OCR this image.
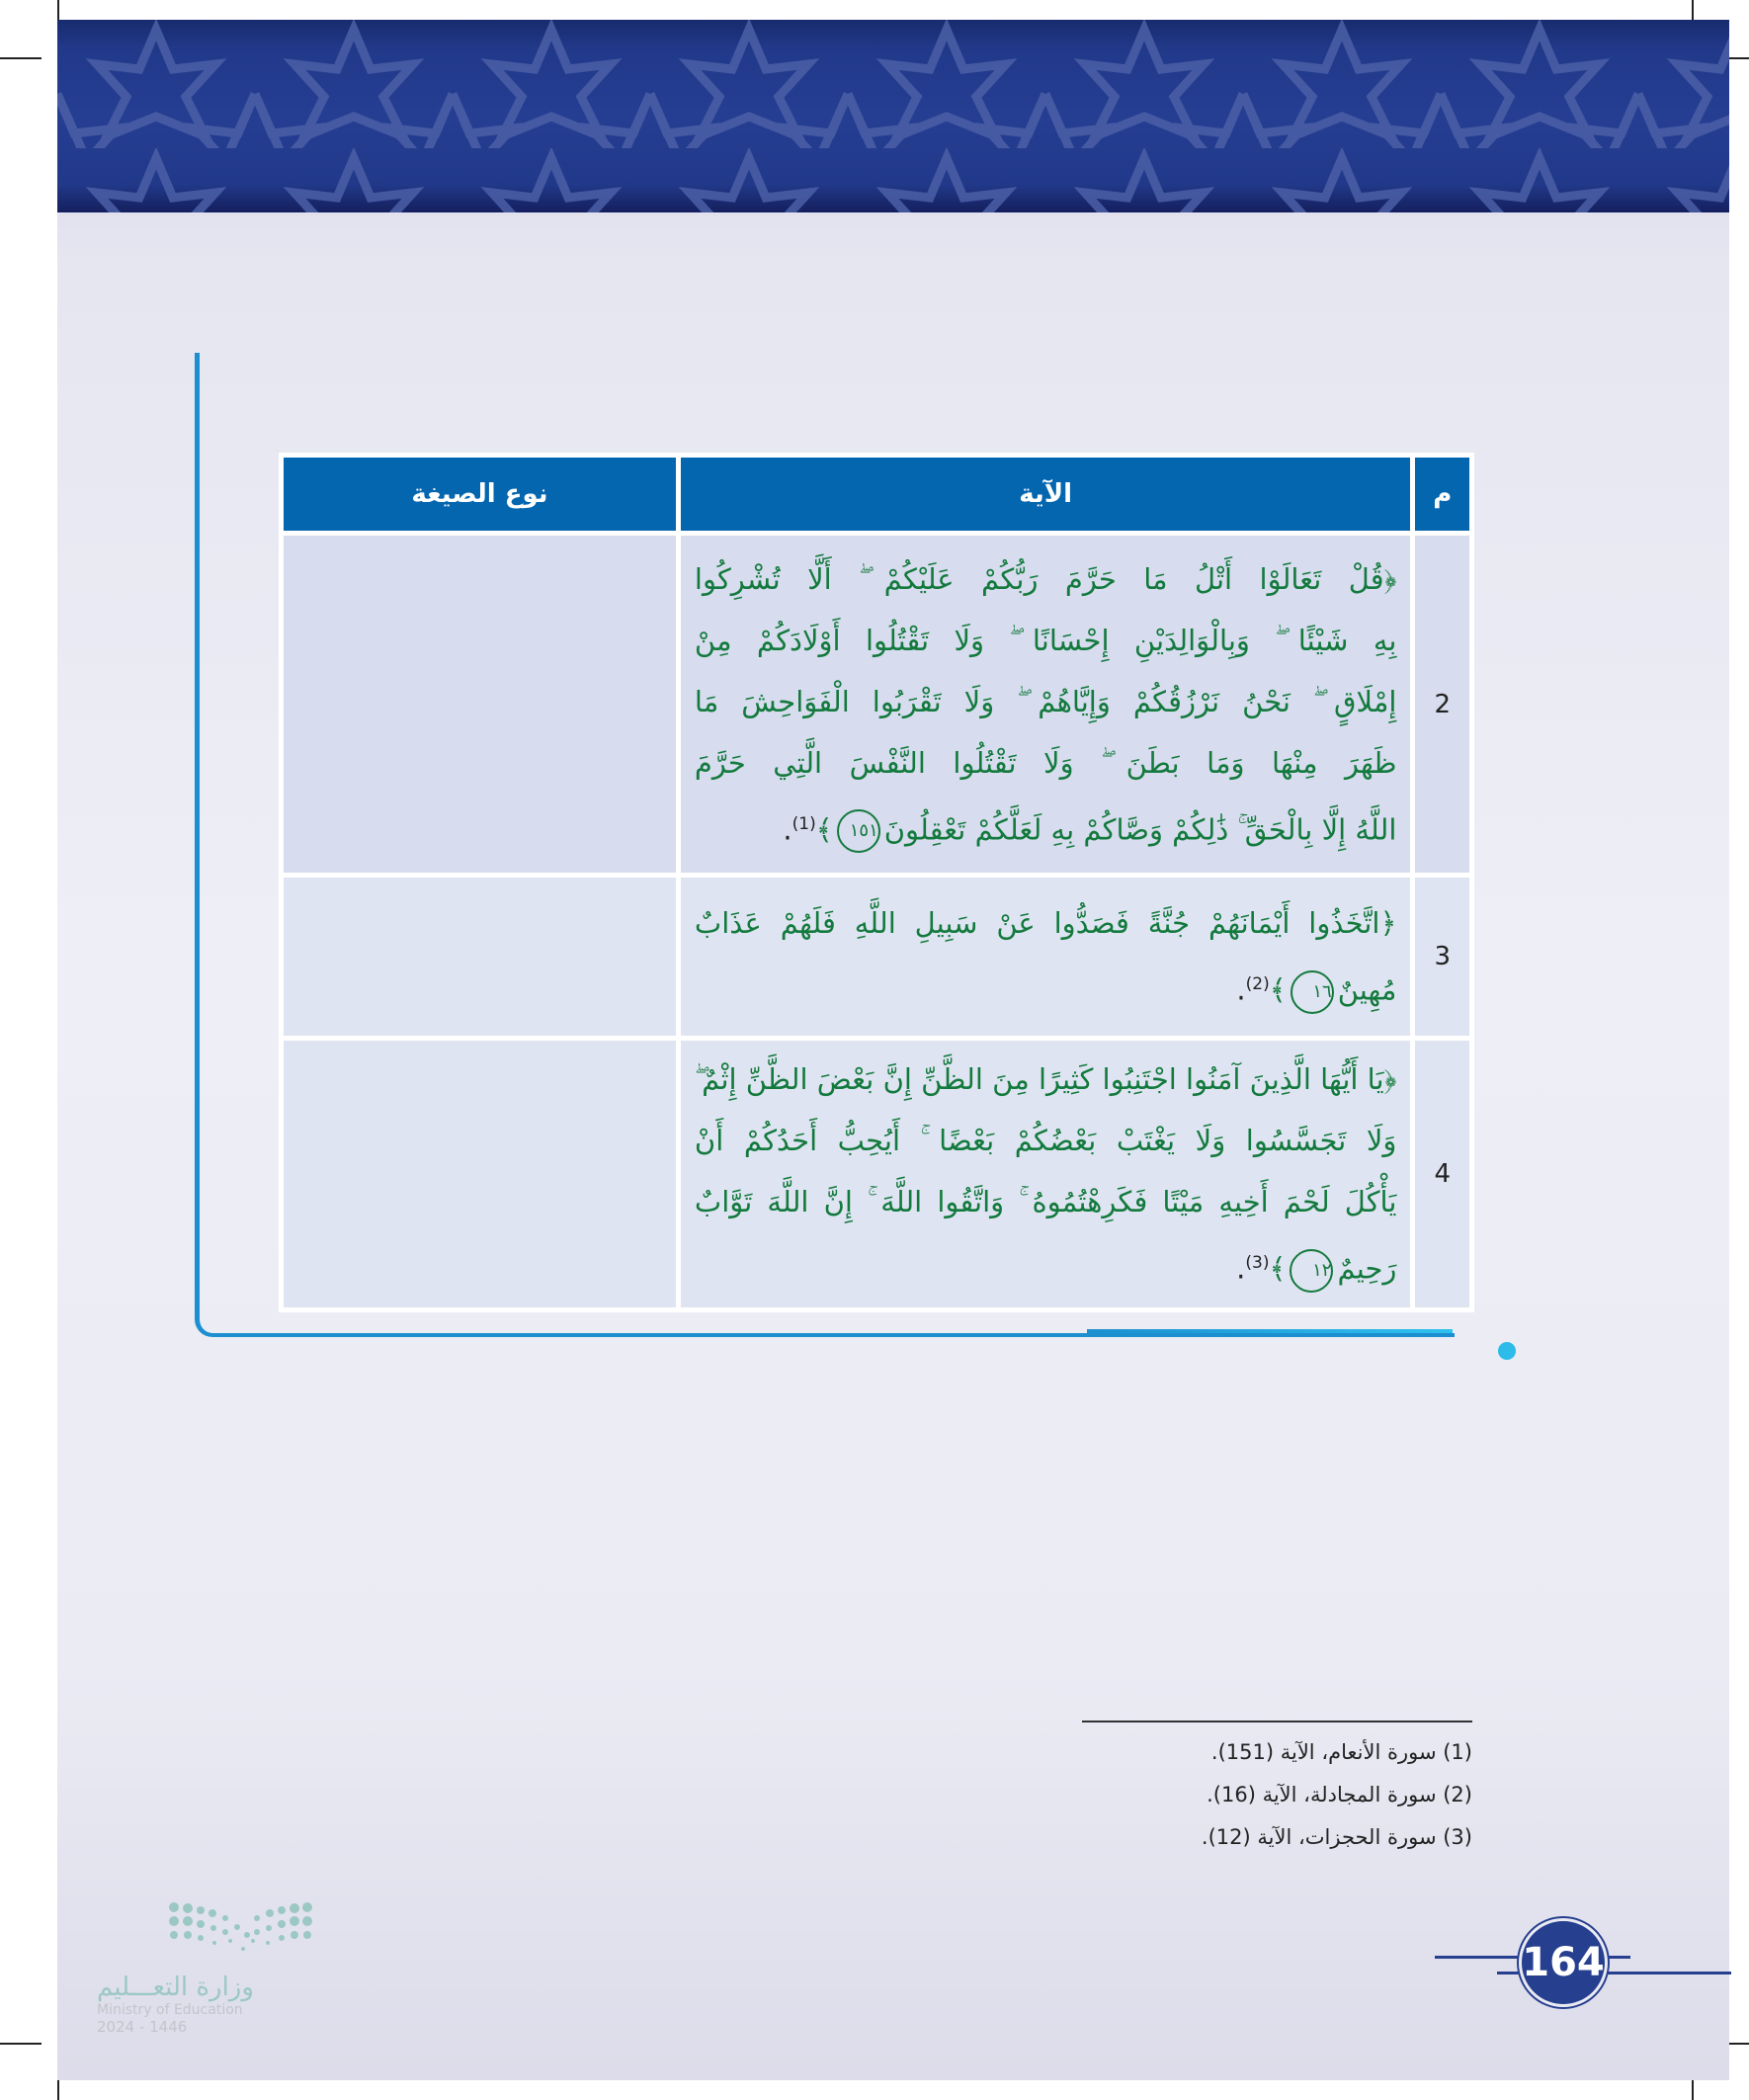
م	الآية	نوع الصيغة
2	﴿قُلْ تَعَالَوْا أَتْلُ مَا حَرَّمَ رَبُّكُمْ عَلَيْكُمْ ۖ أَلَّا تُشْرِكُوا
بِهِ شَيْئًا ۖ وَبِالْوَالِدَيْنِ إِحْسَانًا ۖ وَلَا تَقْتُلُوا أَوْلَادَكُمْ مِنْ
إِمْلَاقٍ ۖ نَحْنُ نَرْزُقُكُمْ وَإِيَّاهُمْ ۖ وَلَا تَقْرَبُوا الْفَوَاحِشَ مَا
ظَهَرَ مِنْهَا وَمَا بَطَنَ ۖ وَلَا تَقْتُلُوا النَّفْسَ الَّتِي حَرَّمَ
اللَّهُ إِلَّا بِالْحَقِّ ۚ ذَٰلِكُمْ وَصَّاكُمْ بِهِ لَعَلَّكُمْ تَعْقِلُونَ١٥١﴾$^{(1)}$.	

3	﴿اتَّخَذُوا أَيْمَانَهُمْ جُنَّةً فَصَدُّوا عَنْ سَبِيلِ اللَّهِ فَلَهُمْ عَذَابٌ
مُهِينٌ١٦﴾$^{(2)}$.	

4	﴿يَا أَيُّهَا الَّذِينَ آمَنُوا اجْتَنِبُوا كَثِيرًا مِنَ الظَّنِّ إِنَّ بَعْضَ الظَّنِّ إِثْمٌ ۖ
وَلَا تَجَسَّسُوا وَلَا يَغْتَبْ بَعْضُكُمْ بَعْضًا ۚ أَيُحِبُّ أَحَدُكُمْ أَنْ
يَأْكُلَ لَحْمَ أَخِيهِ مَيْتًا فَكَرِهْتُمُوهُ ۚ وَاتَّقُوا اللَّهَ ۚ إِنَّ اللَّهَ تَوَّابٌ
رَحِيمٌ١٢﴾$^{(3)}$.	

(1) سورة الأنعام، الآية (151).
(2) سورة المجادلة، الآية (16).
(3) سورة الحجزات، الآية (12).
164
وزارة التعـــليم
Ministry of Education
2024 - 1446
